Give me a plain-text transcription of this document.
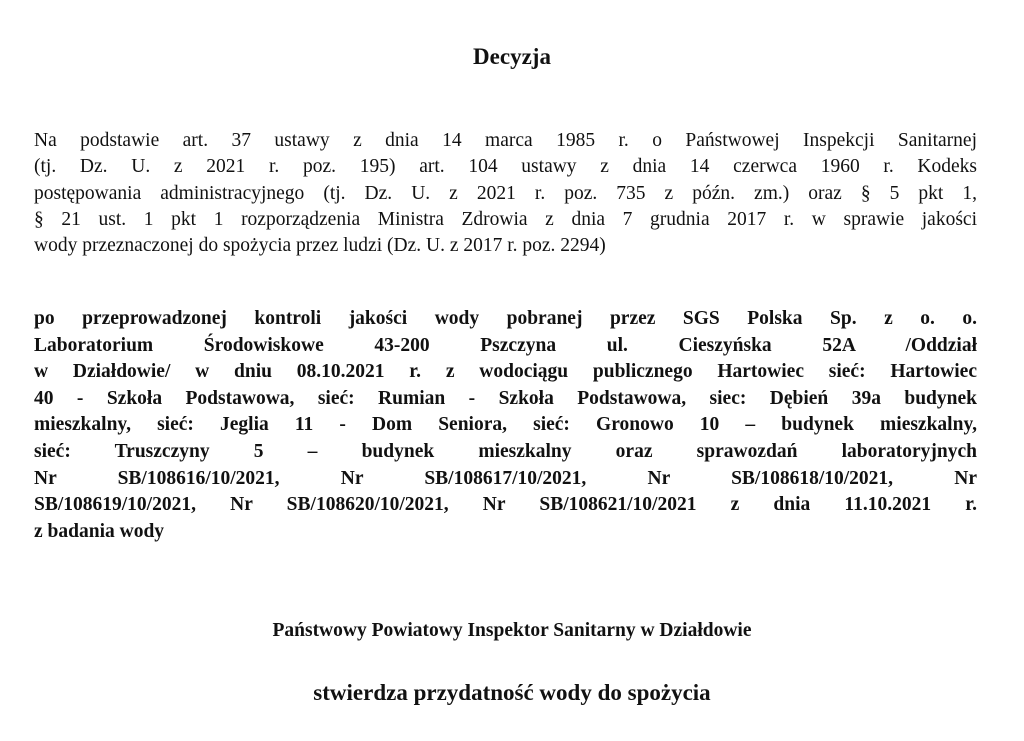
Decyzja
Na podstawie art. 37 ustawy z dnia 14 marca 1985 r. o Państwowej Inspekcji Sanitarnej
(tj. Dz. U. z 2021 r. poz. 195) art. 104 ustawy z dnia 14 czerwca 1960 r. Kodeks
postępowania administracyjnego (tj. Dz. U. z 2021 r. poz. 735 z późn. zm.) oraz § 5 pkt 1,
§ 21 ust. 1 pkt 1 rozporządzenia Ministra Zdrowia z dnia 7 grudnia 2017 r. w sprawie jakości
wody przeznaczonej do spożycia przez ludzi (Dz. U. z 2017 r. poz. 2294)
po przeprowadzonej kontroli jakości wody pobranej przez SGS Polska Sp. z o. o.
Laboratorium Środowiskowe 43-200 Pszczyna ul. Cieszyńska 52A /Oddział
w Działdowie/ w dniu 08.10.2021 r. z wodociągu publicznego Hartowiec sieć: Hartowiec
40 - Szkoła Podstawowa, sieć: Rumian - Szkoła Podstawowa, siec: Dębień 39a budynek
mieszkalny, sieć: Jeglia 11 - Dom Seniora, sieć: Gronowo 10 – budynek mieszkalny,
sieć: Truszczyny 5 – budynek mieszkalny oraz sprawozdań laboratoryjnych
Nr SB/108616/10/2021, Nr SB/108617/10/2021, Nr SB/108618/10/2021, Nr
SB/108619/10/2021, Nr SB/108620/10/2021, Nr SB/108621/10/2021 z dnia 11.10.2021 r.
z badania wody
Państwowy Powiatowy Inspektor Sanitarny w Działdowie
stwierdza przydatność wody do spożycia
